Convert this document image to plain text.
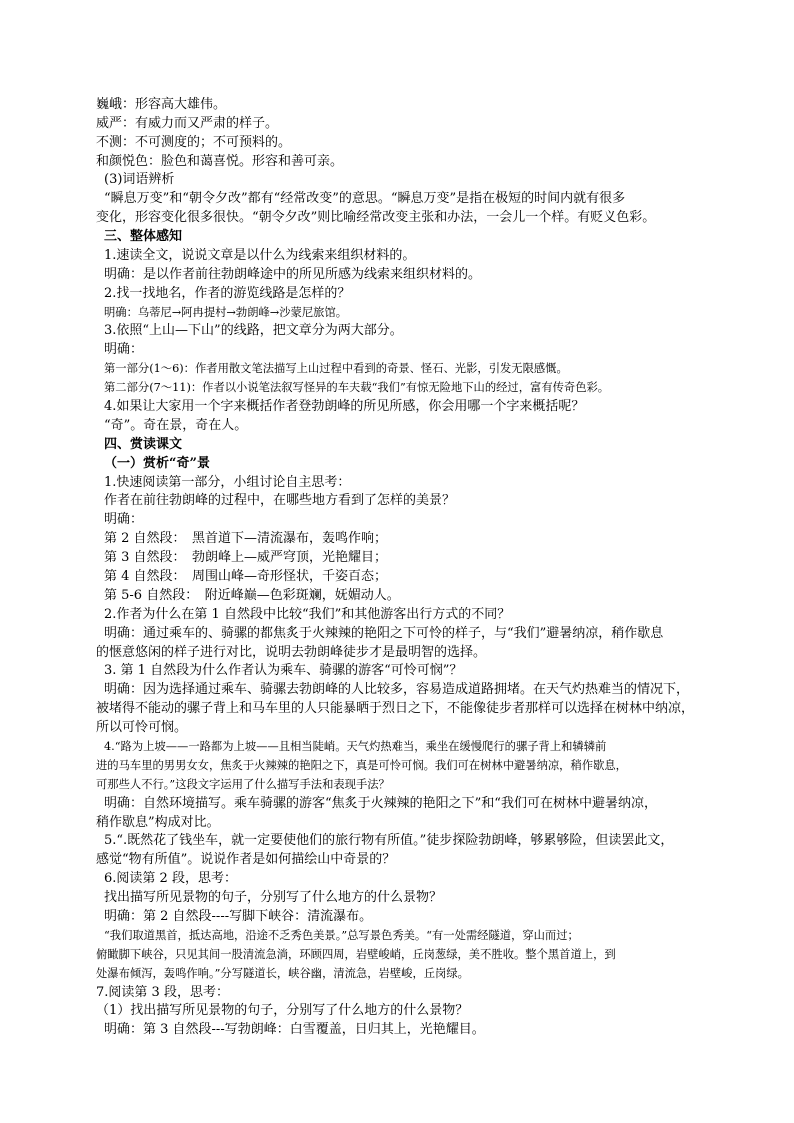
巍峨：形容高大雄伟。
威严：有威力而又严肃的样子。
不测：不可测度的；不可预料的。
和颜悦色：脸色和蔼喜悦。形容和善可亲。
(3)词语辨析
“瞬息万变”和“朝令夕改”都有“经常改变”的意思。“瞬息万变”是指在极短的时间内就有很多
变化，形容变化很多很快。“朝令夕改”则比喻经常改变主张和办法，一会儿一个样。有贬义色彩。
三、整体感知
1.速读全文，说说文章是以什么为线索来组织材料的。
明确：是以作者前往勃朗峰途中的所见所感为线索来组织材料的。
2.找一找地名，作者的游览线路是怎样的？
明确：乌蒂尼→阿冉提村→勃朗峰→沙蒙尼旅馆。
3.依照“上山—下山”的线路，把文章分为两大部分。
明确：
第一部分(1～6)：作者用散文笔法描写上山过程中看到的奇景、怪石、光影，引发无限感慨。
第二部分(7～11)：作者以小说笔法叙写怪异的车夫载“我们”有惊无险地下山的经过，富有传奇色彩。
4.如果让大家用一个字来概括作者登勃朗峰的所见所感，你会用哪一个字来概括呢？
“奇”。奇在景，奇在人。
四、赏读课文
（一）赏析“奇”景
1.快速阅读第一部分，小组讨论自主思考：
作者在前往勃朗峰的过程中，在哪些地方看到了怎样的美景？
明确：
第 2 自然段：　黑首道下—清流瀑布，轰鸣作响；
第 3 自然段：　勃朗峰上—威严穹顶，光艳耀目；
第 4 自然段：　周围山峰—奇形怪状，千姿百态；
第 5-6 自然段：　附近峰巅—色彩斑斓，妩媚动人。
2.作者为什么在第 1 自然段中比较“我们”和其他游客出行方式的不同？
明确：通过乘车的、骑骡的都焦炙于火辣辣的艳阳之下可怜的样子，与“我们”避暑纳凉，稍作歇息
的惬意悠闲的样子进行对比，说明去勃朗峰徒步才是最明智的选择。
3. 第 1 自然段为什么作者认为乘车、骑骡的游客“可怜可悯”？
明确：因为选择通过乘车、骑骡去勃朗峰的人比较多，容易造成道路拥堵。在天气灼热难当的情况下，
被堵得不能动的骡子背上和马车里的人只能暴晒于烈日之下，不能像徒步者那样可以选择在树林中纳凉，
所以可怜可悯。
4.“路为上坡——一路都为上坡——且相当陡峭。天气灼热难当，乘坐在缓慢爬行的骡子背上和辚辚前
进的马车里的男男女女，焦炙于火辣辣的艳阳之下，真是可怜可悯。我们可在树林中避暑纳凉，稍作歇息，
可那些人不行。”这段文字运用了什么描写手法和表现手法？
明确：自然环境描写。乘车骑骡的游客“焦炙于火辣辣的艳阳之下”和“我们可在树林中避暑纳凉，
稍作歇息”构成对比。
5.“.既然花了钱坐车，就一定要使他们的旅行物有所值。”徒步探险勃朗峰，够累够险，但读罢此文，
感觉“物有所值”。说说作者是如何描绘山中奇景的？
6.阅读第 2 段，思考：
找出描写所见景物的句子，分别写了什么地方的什么景物？
明确：第 2 自然段----写脚下峡谷：清流瀑布。
“我们取道黑首，抵达高地，沿途不乏秀色美景。”总写景色秀美。“有一处需经隧道，穿山而过；
俯瞰脚下峡谷，只见其间一股清流急淌，环顾四周，岩壁峻峭，丘岗葱绿，美不胜收。整个黑首道上，到
处瀑布倾泻，轰鸣作响。”分写隧道长，峡谷幽，清流急，岩壁峻，丘岗绿。
7.阅读第 3 段，思考：
（1）找出描写所见景物的句子，分别写了什么地方的什么景物？
明确：第 3 自然段---写勃朗峰：白雪覆盖，日归其上，光艳耀目。
